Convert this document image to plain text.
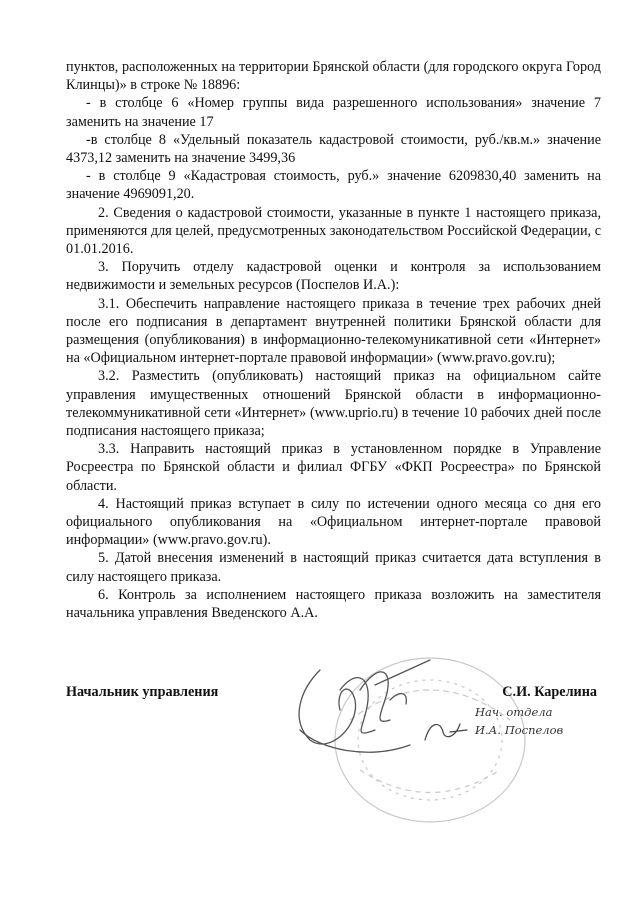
пунктов, расположенных на территории Брянской области (для городского округа Город Клинцы)» в строке № 18896:

- в столбце 6 «Номер группы вида разрешенного использования» значение 7 заменить на значение 17

-в столбце 8 «Удельный показатель кадастровой стоимости, руб./кв.м.» значение 4373,12 заменить на значение 3499,36

- в столбце 9 «Кадастровая стоимость, руб.» значение 6209830,40 заменить на значение 4969091,20.

2. Сведения о кадастровой стоимости, указанные в пункте 1 настоящего приказа, применяются для целей, предусмотренных законодательством Российской Федерации, с 01.01.2016.

3. Поручить отделу кадастровой оценки и контроля за использованием недвижимости и земельных ресурсов (Поспелов И.А.):

3.1. Обеспечить направление настоящего приказа в течение трех рабочих дней после его подписания в департамент внутренней политики Брянской области для размещения (опубликования) в информационно-телекомуникативной сети «Интернет» на «Официальном интернет-портале правовой информации» (www.pravo.gov.ru);

3.2. Разместить (опубликовать) настоящий приказ на официальном сайте управления имущественных отношений Брянской области в информационно-телекоммуникативной сети «Интернет» (www.uprio.ru) в течение 10 рабочих дней после подписания настоящего приказа;

3.3. Направить настоящий приказ в установленном порядке в Управление Росреестра по Брянской области и филиал ФГБУ «ФКП Росреестра» по Брянской области.

4. Настоящий приказ вступает в силу по истечении одного месяца со дня его официального опубликования на «Официальном интернет-портале правовой информации» (www.pravo.gov.ru).

5. Датой внесения изменений в настоящий приказ считается дата вступления в силу настоящего приказа.

6. Контроль за исполнением настоящего приказа возложить на заместителя начальника управления Введенского А.А.

Начальник управления	С.И. Карелина
Нач. отдела
И.А. Поспелов
